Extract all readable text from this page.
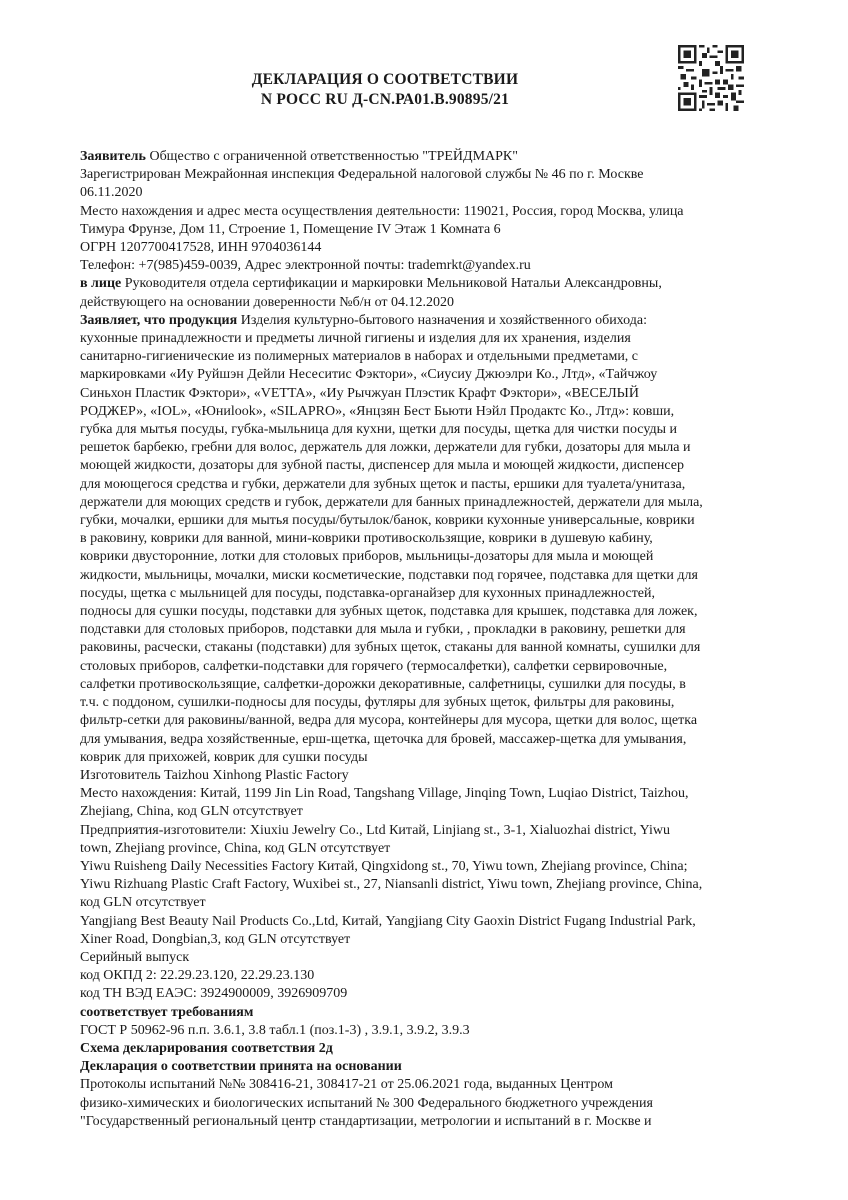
ДЕКЛАРАЦИЯ О СООТВЕТСТВИИ
N РОСС RU Д-CN.РА01.В.90895/21

Заявитель Общество с ограниченной ответственностью "ТРЕЙДМАРК"

Зарегистрирован Межрайонная инспекция Федеральной налоговой службы № 46 по г. Москве

06.11.2020

Место нахождения и адрес места осуществления деятельности: 119021, Россия, город Москва, улица

Тимура Фрунзе, Дом 11, Строение 1, Помещение IV Этаж 1 Комната 6

ОГРН 1207700417528, ИНН 9704036144

Телефон: +7(985)459-0039, Адрес электронной почты: trademrkt@yandex.ru

в лице Руководителя отдела сертификации и маркировки Мельниковой Натальи Александровны,

действующего на основании доверенности №б/н от 04.12.2020

Заявляет, что продукция Изделия культурно-бытового назначения и хозяйственного обихода:

кухонные принадлежности и предметы личной гигиены и изделия для их хранения, изделия

санитарно-гигиенические из полимерных материалов в наборах и отдельными предметами, с

маркировками «Иу Руйшэн Дейли Несеситис Фэктори», «Сиусиу Джюэлри Ко., Лтд», «Тайчжоу

Синьхон Пластик Фэктори», «VETTA», «Иу Рычжуан Плэстик Крафт Фэктори», «ВЕСЕЛЫЙ

РОДЖЕР», «IOL», «Юниlook», «SILAPRO», «Янцзян Бест Бьюти Нэйл Продактс Ко., Лтд»: ковши,

губка для мытья посуды, губка-мыльница для кухни, щетки для посуды, щетка для чистки посуды и

решеток барбекю, гребни для волос, держатель для ложки, держатели для губки, дозаторы для мыла и

моющей жидкости, дозаторы для зубной пасты, диспенсер для мыла и моющей жидкости, диспенсер

для моющегося средства и губки, держатели для зубных щеток и пасты, ершики для туалета/унитаза,

держатели для моющих средств и губок, держатели для банных принадлежностей, держатели для мыла,

губки, мочалки, ершики для мытья посуды/бутылок/банок, коврики кухонные универсальные, коврики

в раковину, коврики для ванной, мини-коврики противоскользящие, коврики в душевую кабину,

коврики двусторонние, лотки для столовых приборов, мыльницы-дозаторы для мыла и моющей

жидкости, мыльницы, мочалки, миски косметические, подставки под горячее, подставка для щетки для

посуды, щетка с мыльницей для посуды, подставка-органайзер для кухонных принадлежностей,

подносы для сушки посуды, подставки для зубных щеток, подставка для крышек, подставка для ложек,

подставки для столовых приборов, подставки для мыла и губки, , прокладки в раковину, решетки для

раковины, расчески, стаканы (подставки) для зубных щеток, стаканы для ванной комнаты, сушилки для

столовых приборов, салфетки-подставки для горячего (термосалфетки), салфетки сервировочные,

салфетки противоскользящие, салфетки-дорожки декоративные, салфетницы, сушилки для посуды, в

т.ч. с поддоном, сушилки-подносы для посуды, футляры для зубных щеток, фильтры для раковины,

фильтр-сетки для раковины/ванной, ведра для мусора, контейнеры для мусора, щетки для волос, щетка

для умывания, ведра хозяйственные, ерш-щетка, щеточка для бровей, массажер-щетка для умывания,

коврик для прихожей, коврик для сушки посуды

Изготовитель Taizhou Xinhong Plastic Factory

Место нахождения: Китай, 1199 Jin Lin Road, Tangshang Village, Jinqing Town, Luqiao District, Taizhou,

Zhejiang, China, код GLN отсутствует

Предприятия-изготовители: Xiuxiu Jewelry Co., Ltd Китай, Linjiang st., 3-1, Xialuozhai district, Yiwu

town, Zhejiang province, China, код GLN отсутствует

Yiwu Ruisheng Daily Necessities Factory Китай, Qingxidong st., 70, Yiwu town, Zhejiang province, China;

Yiwu Rizhuang Plastic Craft Factory, Wuxibei st., 27, Niansanli district, Yiwu town, Zhejiang province, China,

код GLN отсутствует

Yangjiang Best Beauty Nail Products Co.,Ltd, Китай, Yangjiang City Gaoxin District Fugang Industrial Park,

Xiner Road, Dongbian,3, код GLN отсутствует

Серийный выпуск

код ОКПД 2: 22.29.23.120, 22.29.23.130

код ТН ВЭД ЕАЭС: 3924900009, 3926909709

соответствует требованиям

ГОСТ Р 50962-96 п.п. 3.6.1, 3.8 табл.1 (поз.1-3) , 3.9.1, 3.9.2, 3.9.3

Схема декларирования соответствия 2д

Декларация о соответствии принята на основании

Протоколы испытаний №№ 308416-21, 308417-21 от 25.06.2021 года, выданных Центром

физико-химических и биологических испытаний № 300 Федерального бюджетного учреждения

"Государственный региональный центр стандартизации, метрологии и испытаний в г. Москве и
